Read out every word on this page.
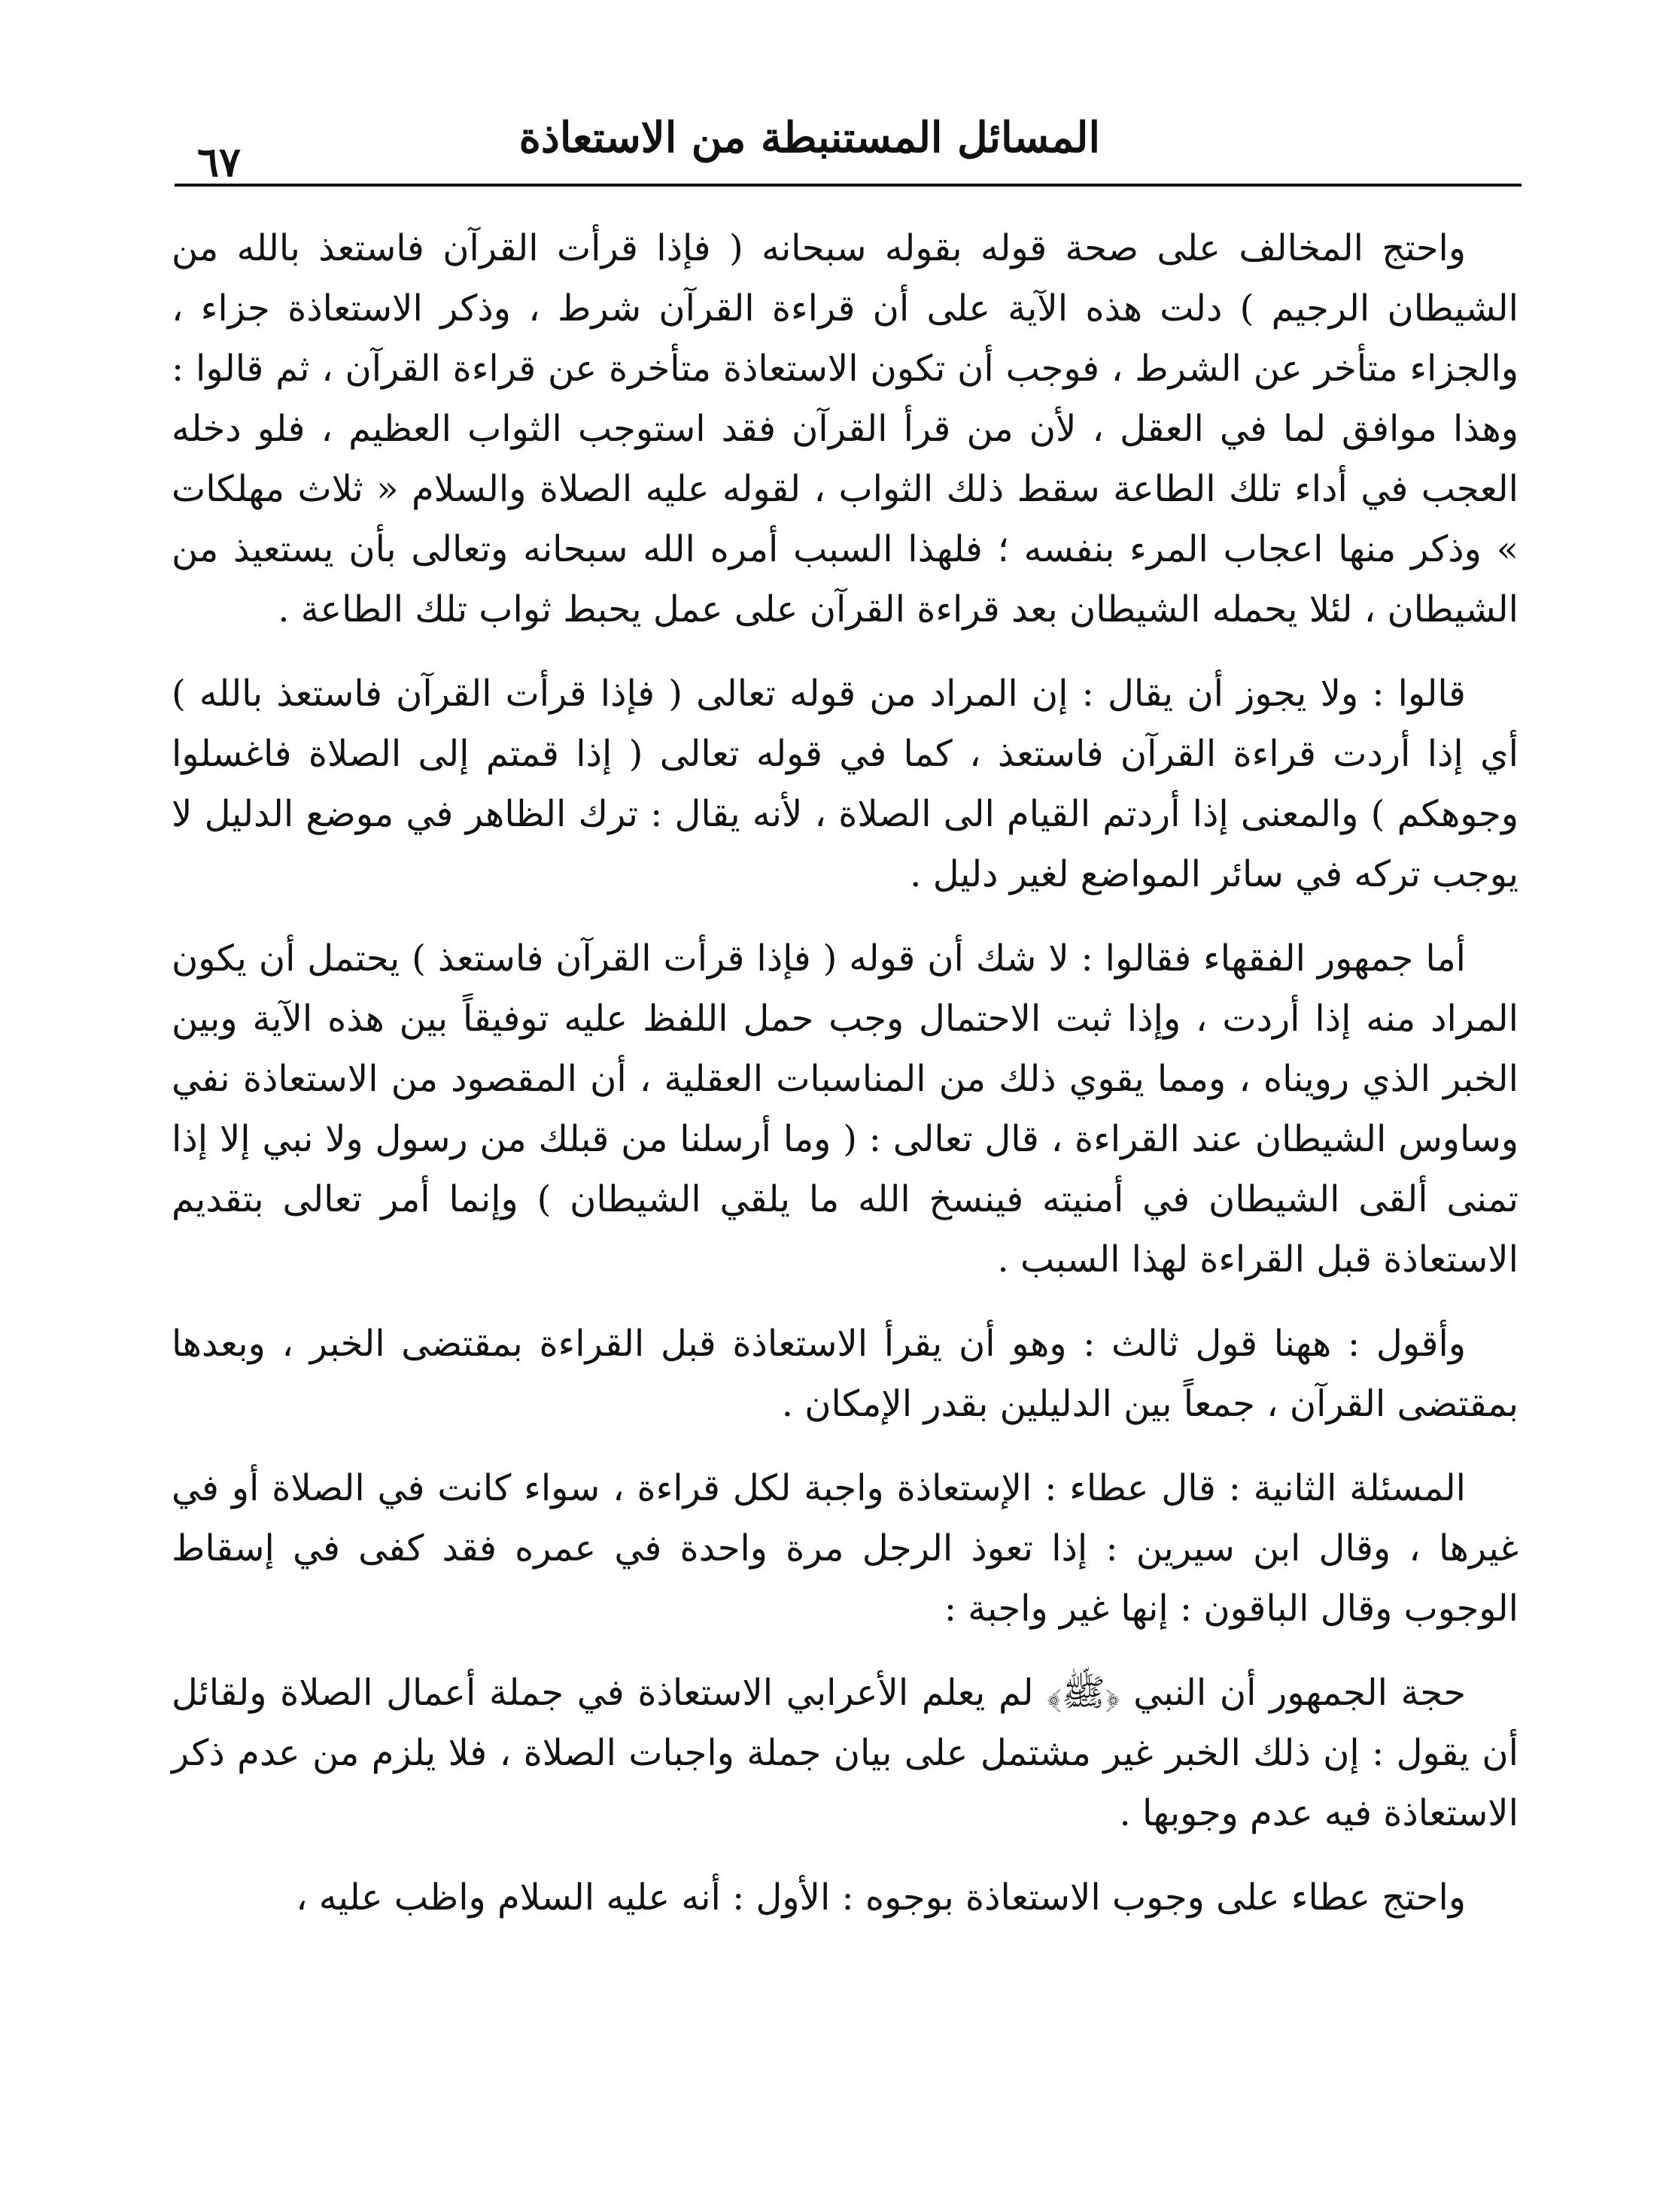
المسائل المستنبطة من الاستعاذة
٦٧

واحتج المخالف على صحة قوله بقوله سبحانه ( فإذا قرأت القرآن فاستعذ بالله من الشيطان الرجيم ) دلت هذه الآية على أن قراءة القرآن شرط ، وذكر الاستعاذة جزاء ، والجزاء متأخر عن الشرط ، فوجب أن تكون الاستعاذة متأخرة عن قراءة القرآن ، ثم قالوا : وهذا موافق لما في العقل ، لأن من قرأ القرآن فقد استوجب الثواب العظيم ، فلو دخله العجب في أداء تلك الطاعة سقط ذلك الثواب ، لقوله عليه الصلاة والسلام « ثلاث مهلكات » وذكر منها اعجاب المرء بنفسه ؛ فلهذا السبب أمره الله سبحانه وتعالى بأن يستعيذ من الشيطان ، لئلا يحمله الشيطان بعد قراءة القرآن على عمل يحبط ثواب تلك الطاعة .

قالوا : ولا يجوز أن يقال : إن المراد من قوله تعالى ( فإذا قرأت القرآن فاستعذ بالله ) أي إذا أردت قراءة القرآن فاستعذ ، كما في قوله تعالى ( إذا قمتم إلى الصلاة فاغسلوا وجوهكم ) والمعنى إذا أردتم القيام الى الصلاة ، لأنه يقال : ترك الظاهر في موضع الدليل لا يوجب تركه في سائر المواضع لغير دليل .

أما جمهور الفقهاء فقالوا : لا شك أن قوله ( فإذا قرأت القرآن فاستعذ ) يحتمل أن يكون المراد منه إذا أردت ، وإذا ثبت الاحتمال وجب حمل اللفظ عليه توفيقاً بين هذه الآية وبين الخبر الذي رويناه ، ومما يقوي ذلك من المناسبات العقلية ، أن المقصود من الاستعاذة نفي وساوس الشيطان عند القراءة ، قال تعالى : ( وما أرسلنا من قبلك من رسول ولا نبي إلا إذا تمنى ألقى الشيطان في أمنيته فينسخ الله ما يلقي الشيطان ) وإنما أمر تعالى بتقديم الاستعاذة قبل القراءة لهذا السبب .

وأقول : ههنا قول ثالث : وهو أن يقرأ الاستعاذة قبل القراءة بمقتضى الخبر ، وبعدها بمقتضى القرآن ، جمعاً بين الدليلين بقدر الإمكان .

المسئلة الثانية : قال عطاء : الإستعاذة واجبة لكل قراءة ، سواء كانت في الصلاة أو في غيرها ، وقال ابن سيرين : إذا تعوذ الرجل مرة واحدة في عمره فقد كفى في إسقاط الوجوب وقال الباقون : إنها غير واجبة :

حجة الجمهور أن النبي ﴿ﷺ﴾ لم يعلم الأعرابي الاستعاذة في جملة أعمال الصلاة ولقائل أن يقول : إن ذلك الخبر غير مشتمل على بيان جملة واجبات الصلاة ، فلا يلزم من عدم ذكر الاستعاذة فيه عدم وجوبها .

واحتج عطاء على وجوب الاستعاذة بوجوه : الأول : أنه عليه السلام واظب عليه ،
